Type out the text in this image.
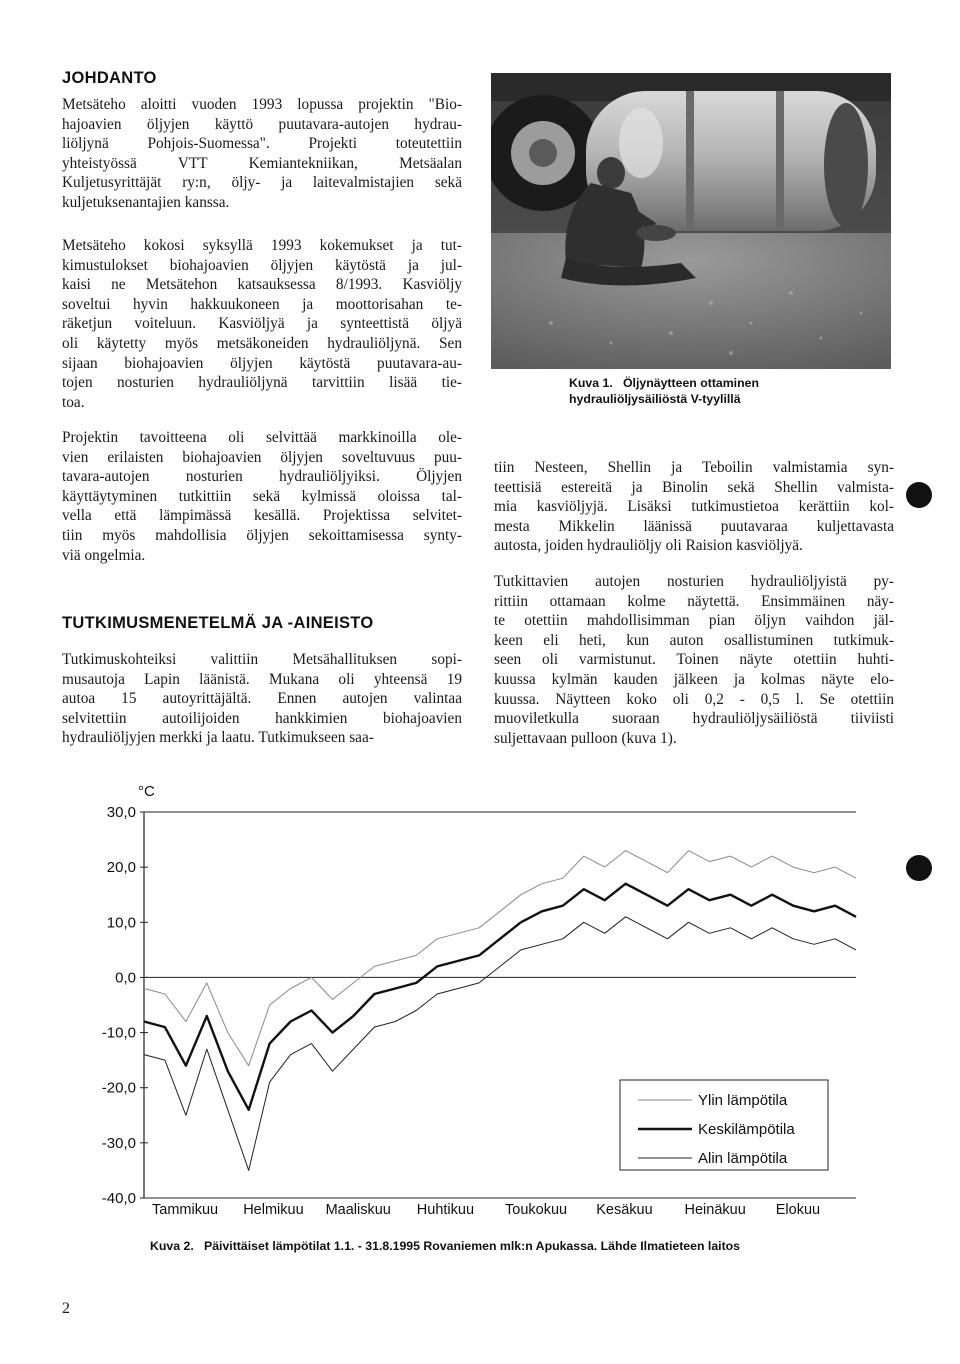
JOHDANTO
Metsäteho aloitti vuoden 1993 lopussa projektin "Bio-
hajoavien öljyjen käyttö puutavara-autojen hydrau-
liöljynä Pohjois-Suomessa". Projekti toteutettiin
yhteistyössä VTT Kemiantekniikan, Metsäalan
Kuljetusyrittäjät ry:n, öljy- ja laitevalmistajien sekä
kuljetuksenantajien kanssa.
Metsäteho kokosi syksyllä 1993 kokemukset ja tut-
kimustulokset biohajoavien öljyjen käytöstä ja jul-
kaisi ne Metsätehon katsauksessa 8/1993. Kasviöljy
soveltui hyvin hakkuukoneen ja moottorisahan te-
räketjun voiteluun. Kasviöljyä ja synteettistä öljyä
oli käytetty myös metsäkoneiden hydrauliöljynä. Sen
sijaan biohajoavien öljyjen käytöstä puutavara-au-
tojen nosturien hydrauliöljynä tarvittiin lisää tie-
toa.
Projektin tavoitteena oli selvittää markkinoilla ole-
vien erilaisten biohajoavien öljyjen soveltuvuus puu-
tavara-autojen nosturien hydrauliöljyiksi. Öljyjen
käyttäytyminen tutkittiin sekä kylmissä oloissa tal-
vella että lämpimässä kesällä. Projektissa selvitet-
tiin myös mahdollisia öljyjen sekoittamisessa synty-
viä ongelmia.
TUTKIMUSMENETELMÄ JA -AINEISTO
Tutkimuskohteiksi valittiin Metsähallituksen sopi-
musautoja Lapin läänistä. Mukana oli yhteensä 19
autoa 15 autoyrittäjältä. Ennen autojen valintaa
selvitettiin autoilijoiden hankkimien biohajoavien
hydrauliöljyjen merkki ja laatu. Tutkimukseen saa-
Kuva 1.   Öljynäytteen ottaminen
hydrauliöljysäiliöstä V-tyylillä
tiin Nesteen, Shellin ja Teboilin valmistamia syn-
teettisiä estereitä ja Binolin sekä Shellin valmista-
mia kasviöljyjä. Lisäksi tutkimustietoa kerättiin kol-
mesta Mikkelin läänissä puutavaraa kuljettavasta
autosta, joiden hydrauliöljy oli Raision kasviöljyä.
Tutkittavien autojen nosturien hydrauliöljyistä py-
rittiin ottamaan kolme näytettä. Ensimmäinen näy-
te otettiin mahdollisimman pian öljyn vaihdon jäl-
keen eli heti, kun auton osallistuminen tutkimuk-
seen oli varmistunut. Toinen näyte otettiin huhti-
kuussa kylmän kauden jälkeen ja kolmas näyte elo-
kuussa. Näytteen koko oli 0,2 - 0,5 l. Se otettiin
muoviletkulla suoraan hydrauliöljysäiliöstä tiiviisti
suljettavaan pulloon (kuva 1).
°C
30,0
20,0
10,0
0,0
-10,0
-20,0
-30,0
-40,0
Tammikuu Helmikuu Maaliskuu Huhtikuu Toukokuu Kesäkuu Heinäkuu Elokuu
Ylin lämpötila
Keskilämpötila
Alin lämpötila
Kuva 2.   Päivittäiset lämpötilat 1.1. - 31.8.1995 Rovaniemen mlk:n Apukassa. Lähde Ilmatieteen laitos
2
